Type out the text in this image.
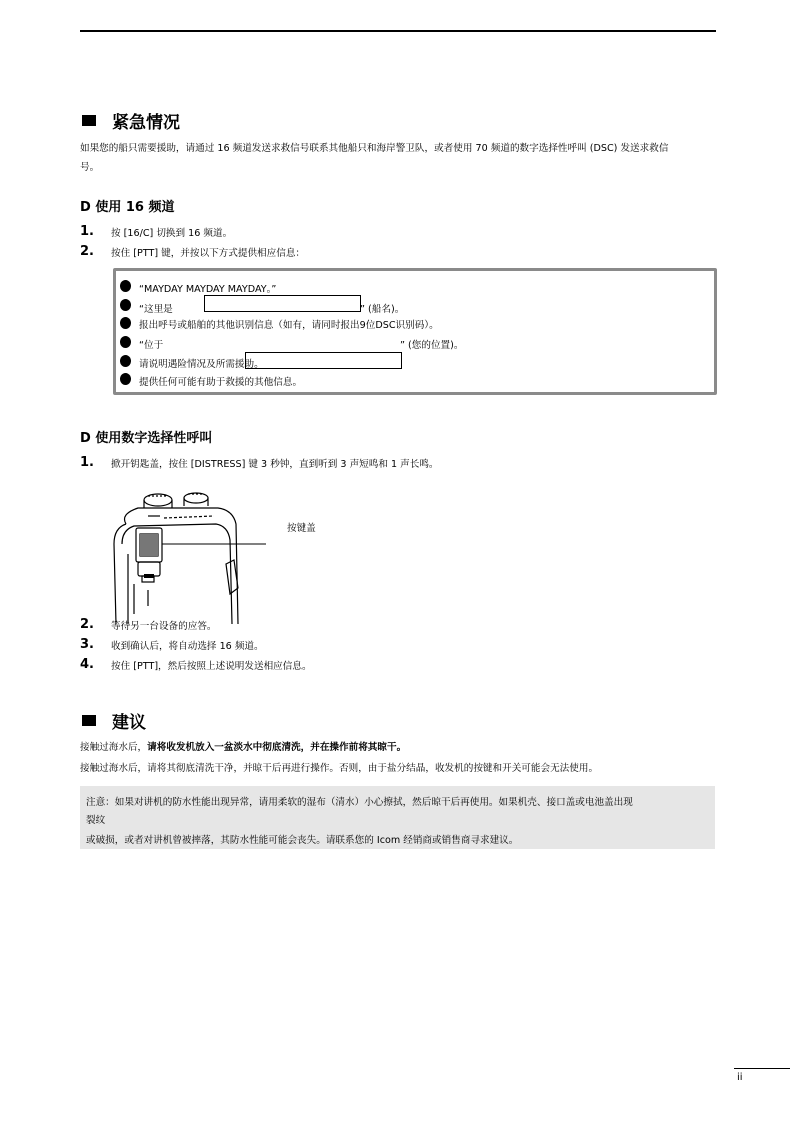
紧急情况
如果您的船只需要援助，请通过 16 频道发送求救信号联系其他船只和海岸警卫队，或者使用 70 频道的数字选择性呼叫 (DSC) 发送求救信
号。
D 使用 16 频道
1.	按 [16/C] 切换到 16 频道。
2.	按住 [PTT] 键，并按以下方式提供相应信息：
“MAYDAY MAYDAY MAYDAY。”
“这里是	” (船名)。
报出呼号或船舶的其他识别信息（如有，请同时报出9位DSC识别码）。
“位于	” (您的位置)。
请说明遇险情况及所需援助。
提供任何可能有助于救援的其他信息。
D 使用数字选择性呼叫
1.	掀开钥匙盖，按住 [DISTRESS] 键 3 秒钟，直到听到 3 声短鸣和 1 声长鸣。
按键盖
2.	等待另一台设备的应答。
3.	收到确认后，将自动选择 16 频道。
4.	按住 [PTT]，然后按照上述说明发送相应信息。
建议
接触过海水后，请将收发机放入一盆淡水中彻底清洗，并在操作前将其晾干。
接触过海水后，请将其彻底清洗干净，并晾干后再进行操作。否则，由于盐分结晶，收发机的按键和开关可能会无法使用。
注意：如果对讲机的防水性能出现异常，请用柔软的湿布（清水）小心擦拭，然后晾干后再使用。如果机壳、接口盖或电池盖出现
裂纹
或破损，或者对讲机曾被摔落，其防水性能可能会丧失。请联系您的 Icom 经销商或销售商寻求建议。
ii
